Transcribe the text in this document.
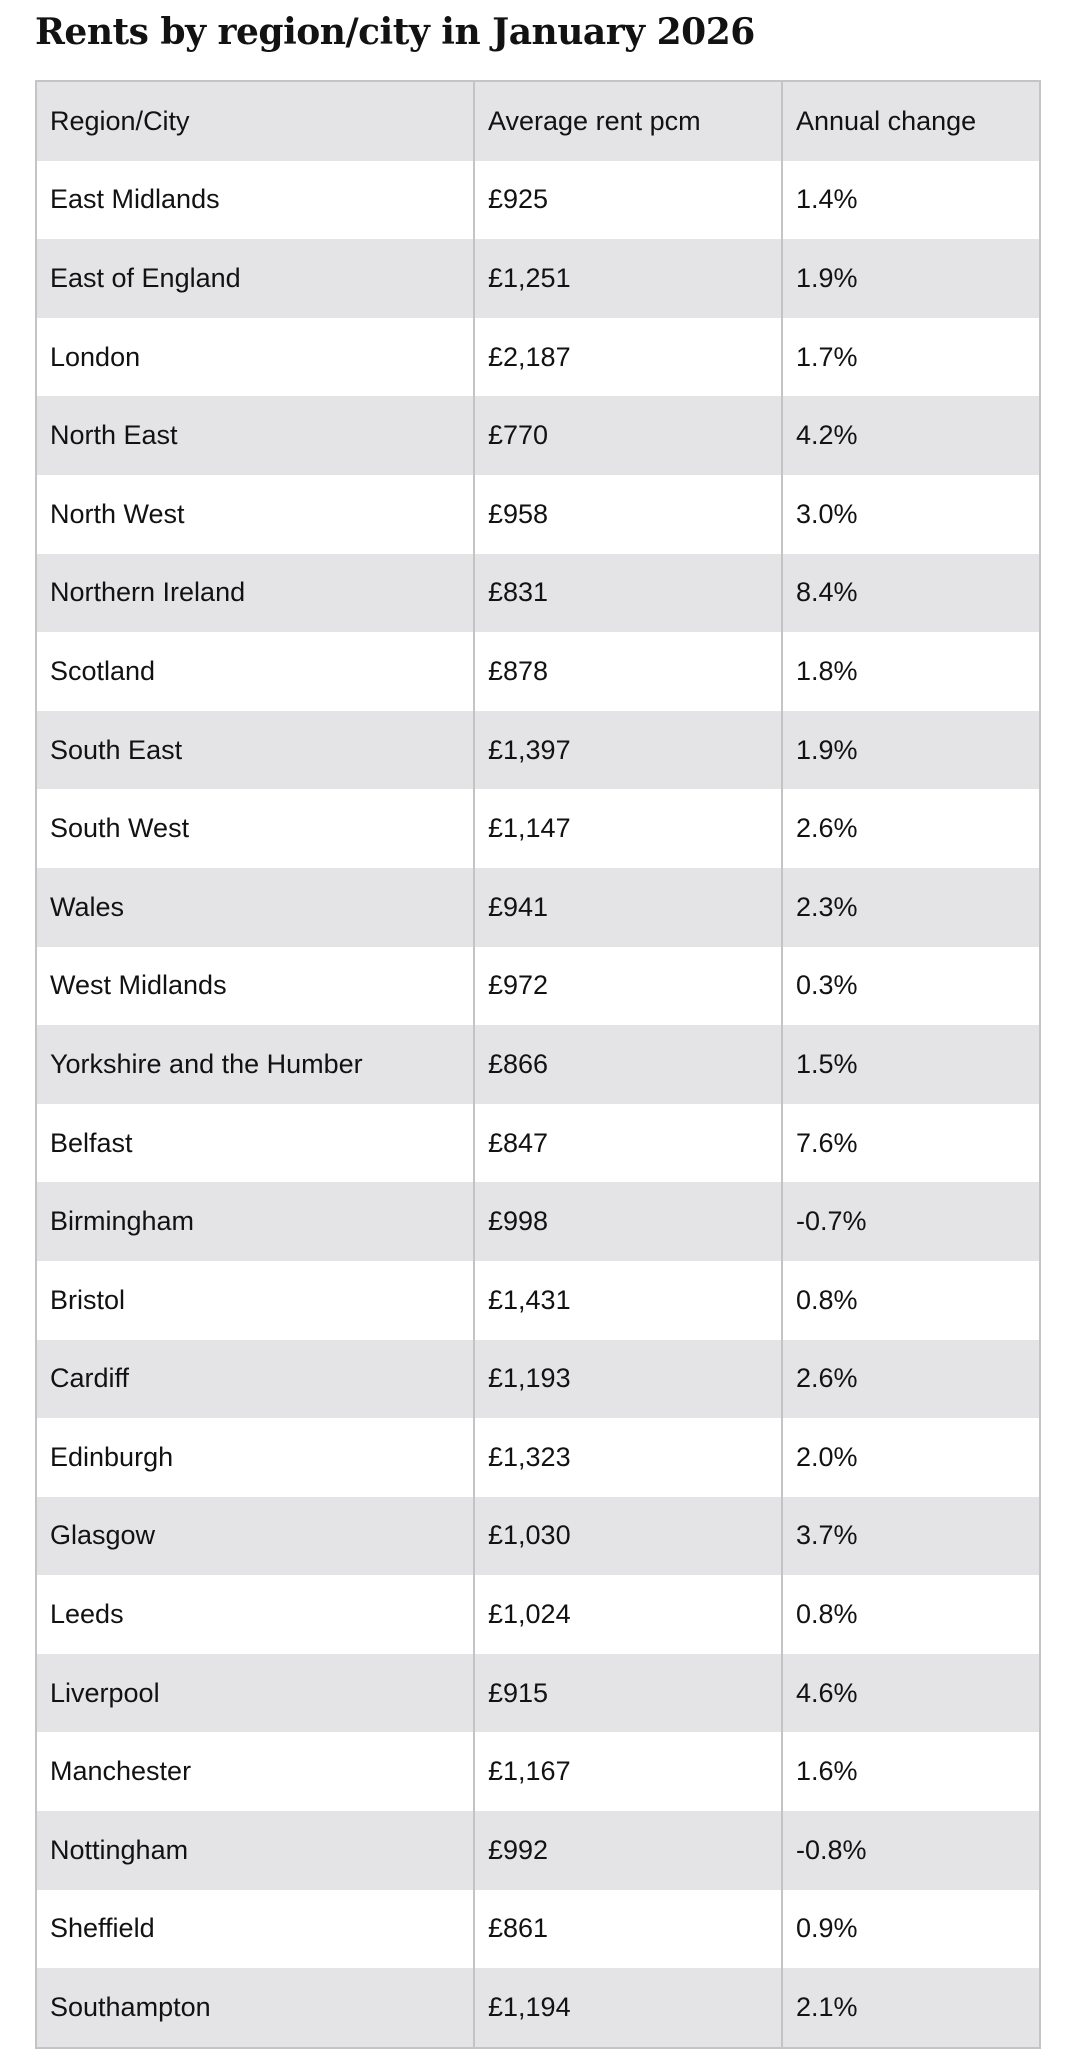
Rents by region/city in January 2026
Region/City	Average rent pcm	Annual change
East Midlands	£925	1.4%
East of England	£1,251	1.9%
London	£2,187	1.7%
North East	£770	4.2%
North West	£958	3.0%
Northern Ireland	£831	8.4%
Scotland	£878	1.8%
South East	£1,397	1.9%
South West	£1,147	2.6%
Wales	£941	2.3%
West Midlands	£972	0.3%
Yorkshire and the Humber	£866	1.5%
Belfast	£847	7.6%
Birmingham	£998	-0.7%
Bristol	£1,431	0.8%
Cardiff	£1,193	2.6%
Edinburgh	£1,323	2.0%
Glasgow	£1,030	3.7%
Leeds	£1,024	0.8%
Liverpool	£915	4.6%
Manchester	£1,167	1.6%
Nottingham	£992	-0.8%
Sheffield	£861	0.9%
Southampton	£1,194	2.1%
